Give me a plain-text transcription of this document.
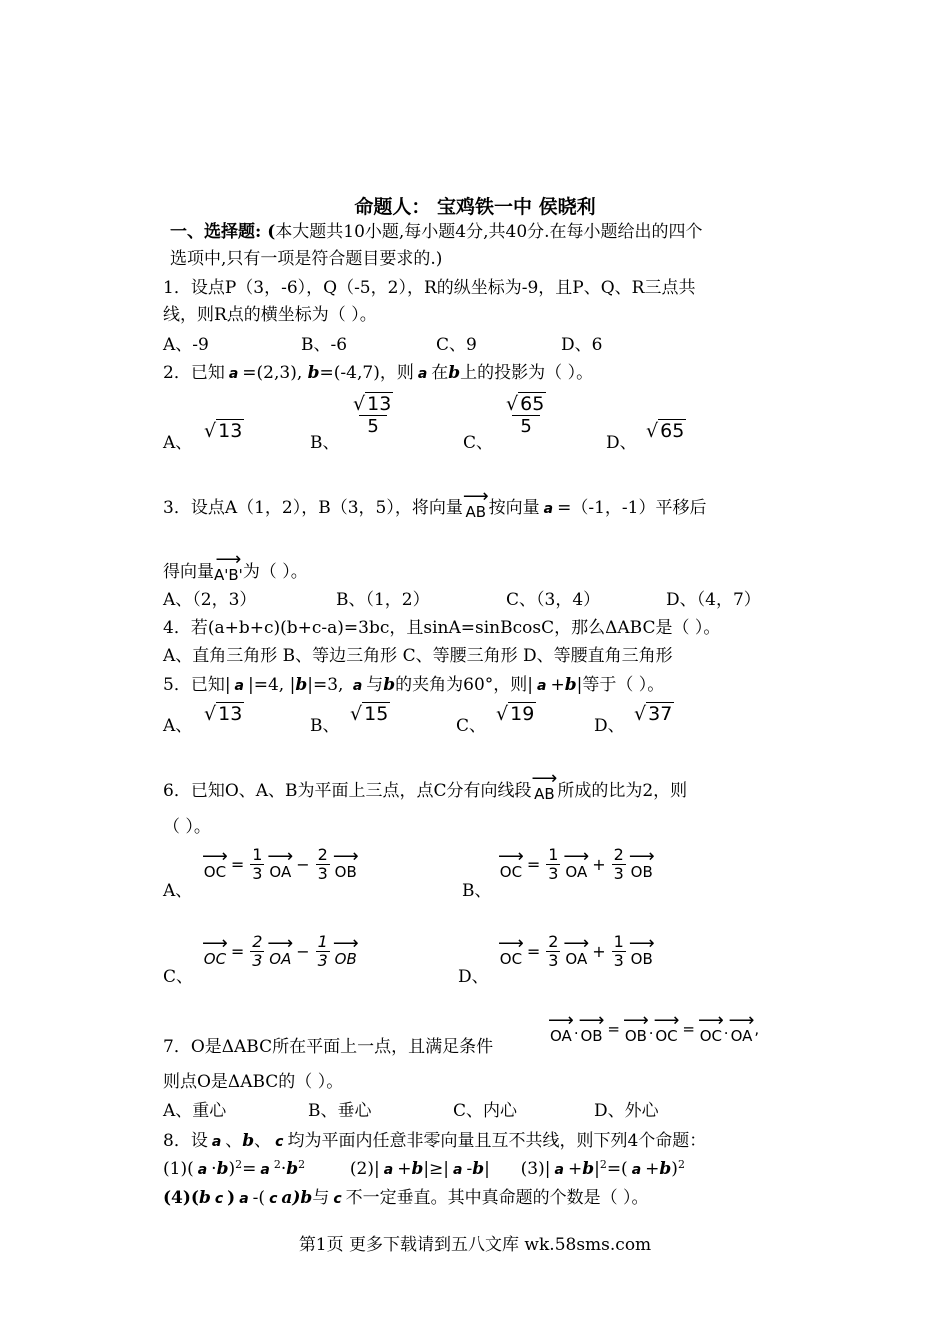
命题人： 宝鸡铁一中 侯晓利
一、选择题: (本大题共10小题,每小题4分,共40分.在每小题给出的四个
选项中,只有一项是符合题目要求的.)
1．设点P（3，-6），Q（-5，2），R的纵坐标为-9，且P、Q、R三点共
线，则R点的横坐标为（ ）。
A、-9	B、-6	C、9	D、6
2．已知 a =(2,3), b=(-4,7)，则 a 在b上的投影为（ ）。
A、
√ 13
B、
$\frac{√ 13}{5}$
C、
$\frac{√ 65}{5}$
D、
√ 65
3．设点A（1，2），B（3，5），将向量
⟶
AB 按向量 a =（-1，-1）平移后
得向量
⟶
A'B' 为（ ）。
A、（2，3）	B、（1，2）	C、（3，4）	D、（4，7）
4．若(a+b+c)(b+c-a)=3bc，且sinA=sinBcosC，那么ΔABC是（ ）。
A、直角三角形 B、等边三角形 C、等腰三角形 D、等腰直角三角形
5．已知| a |=4, |b|=3, a 与b的夹角为60°，则| a +b|等于（ ）。
A、
√ 13
B、
√ 15
C、
√ 19
D、
√ 37
6．已知O、A、B为平面上三点，点C分有向线段
⟶
AB 所成的比为2，则
（ ）。
A、
⟶
OC = $\frac{1}{3}$ ⟶
OA − $\frac{2}{3}$ ⟶
OB
B、
⟶
OC = $\frac{1}{3}$ ⟶
OA + $\frac{2}{3}$ ⟶
OB
C、
⟶
OC = $\frac{2}{3}$ ⟶
OA − $\frac{1}{3}$ ⟶
OB
D、
⟶
OC = $\frac{2}{3}$ ⟶
OA + $\frac{1}{3}$ ⟶
OB
7．O是ΔABC所在平面上一点，且满足条件
⟶
OA . ⟶
OB = ⟶
OB . ⟶
OC = ⟶
OC . ⟶
OA ,
则点O是ΔABC的（ ）。
A、重心	B、垂心	C、内心	D、外心
8．设 a 、b、 c 均为平面内任意非零向量且互不共线，则下列4个命题：
(1)( a ·b)$^2$= a $^2\cdot b^2$	(2)| a +b|≥| a -b| (3)| $a +b|^2=$( a +b)$^2$
(4)(b c ) a -( c a)b与 c 不一定垂直。其中真命题的个数是（ ）。
第1页 更多下载请到五八文库 wk.58sms.com
